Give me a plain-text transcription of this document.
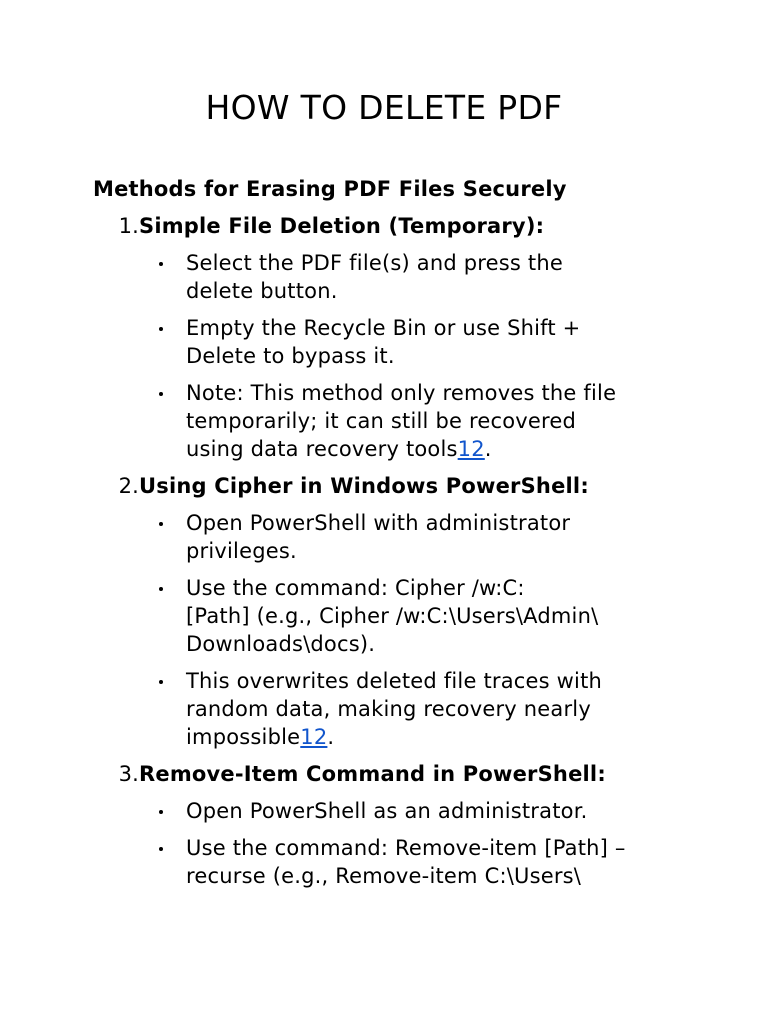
HOW TO DELETE PDF
Methods for Erasing PDF Files Securely
1. Simple File Deletion (Temporary):
Select the PDF file(s) and press the
delete button.
Empty the Recycle Bin or use Shift +
Delete to bypass it.
Note: This method only removes the file
temporarily; it can still be recovered
using data recovery tools12.
2. Using Cipher in Windows PowerShell:
Open PowerShell with administrator
privileges.
Use the command: Cipher /w:C:
[Path] (e.g., Cipher /w:C:\Users\Admin\
Downloads\docs).
This overwrites deleted file traces with
random data, making recovery nearly
impossible12.
3. Remove-Item Command in PowerShell:
Open PowerShell as an administrator.
Use the command: Remove-item [Path] –
recurse (e.g., Remove-item C:\Users\
